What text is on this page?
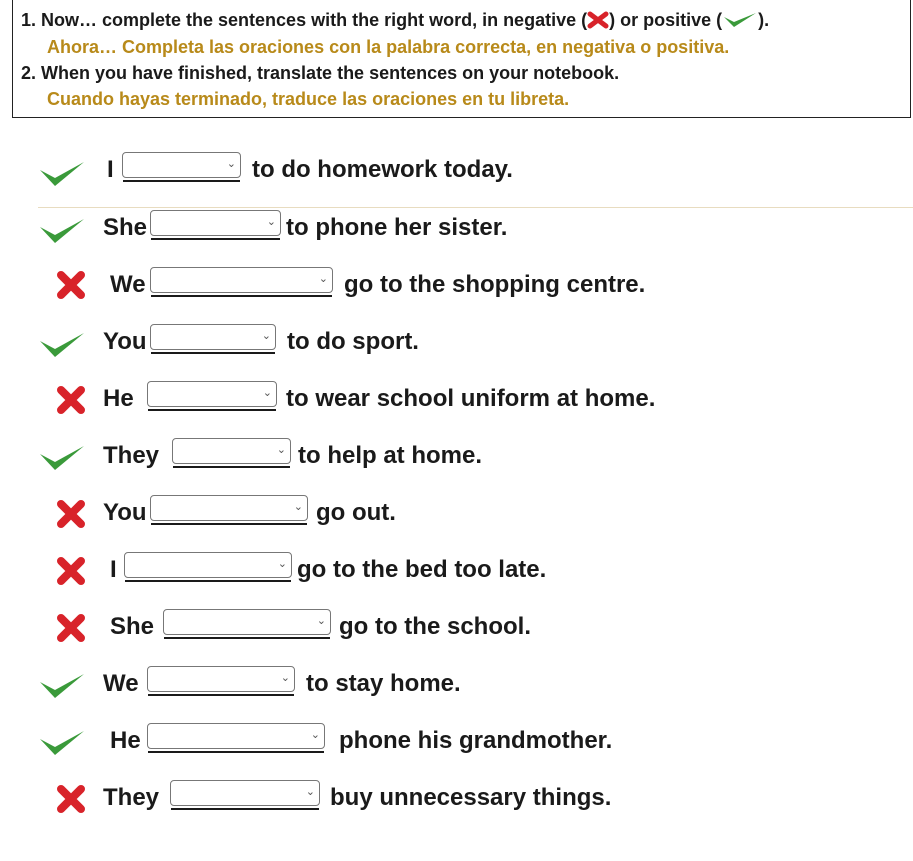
1. Now… complete the sentences with the right word, in negative ( ) or positive ( ).
Ahora… Completa las oraciones con la palabra correcta, en negativa o positiva.
2. When you have finished, translate the sentences on your notebook.
Cuando hayas terminado, traduce las oraciones en tu libreta.
I	⌄ to do homework today.
She	⌄ to phone her sister.
We	⌄ go to the shopping centre.
You	⌄ to do sport.
He	⌄ to wear school uniform at home.
They	⌄ to help at home.
You	⌄ go out.
I	⌄ go to the bed too late.
She	⌄ go to the school.
We	⌄ to stay home.
He	⌄ phone his grandmother.
They	⌄ buy unnecessary things.
